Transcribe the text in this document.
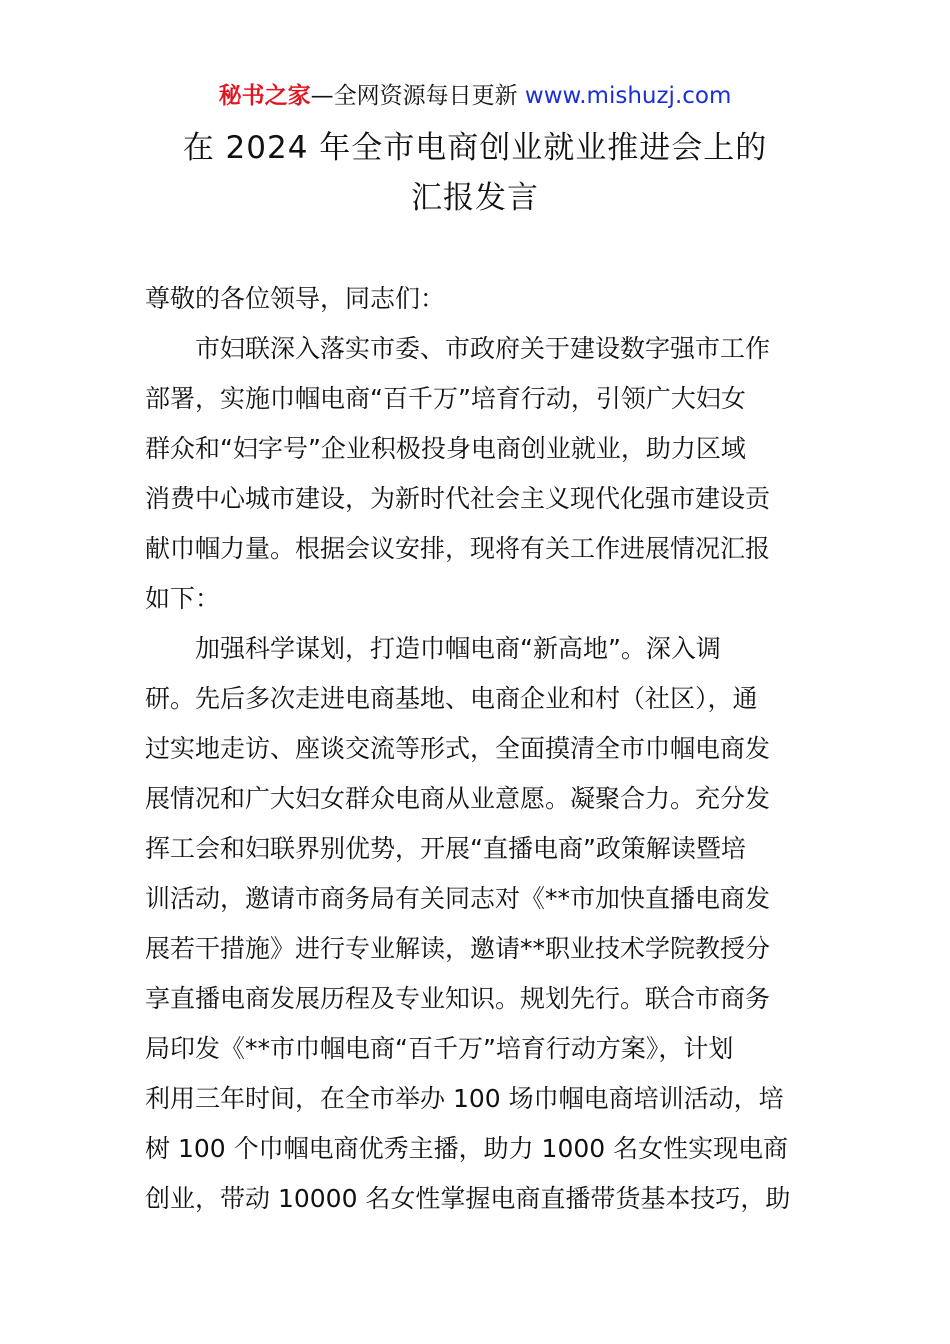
秘书之家—全网资源每日更新 www.mishuzj.com
在 2024 年全市电商创业就业推进会上的
汇报发言
尊敬的各位领导，同志们：
　　市妇联深入落实市委、市政府关于建设数字强市工作
部署，实施巾帼电商“百千万”培育行动，引领广大妇女
群众和“妇字号”企业积极投身电商创业就业，助力区域
消费中心城市建设，为新时代社会主义现代化强市建设贡
献巾帼力量。根据会议安排，现将有关工作进展情况汇报
如下：
　　加强科学谋划，打造巾帼电商“新高地”。深入调
研。先后多次走进电商基地、电商企业和村（社区），通
过实地走访、座谈交流等形式，全面摸清全市巾帼电商发
展情况和广大妇女群众电商从业意愿。凝聚合力。充分发
挥工会和妇联界别优势，开展“直播电商”政策解读暨培
训活动，邀请市商务局有关同志对《**市加快直播电商发
展若干措施》进行专业解读，邀请**职业技术学院教授分
享直播电商发展历程及专业知识。规划先行。联合市商务
局印发《**市巾帼电商“百千万”培育行动方案》，计划
利用三年时间，在全市举办 100 场巾帼电商培训活动，培
树 100 个巾帼电商优秀主播，助力 1000 名女性实现电商
创业，带动 10000 名女性掌握电商直播带货基本技巧，助
